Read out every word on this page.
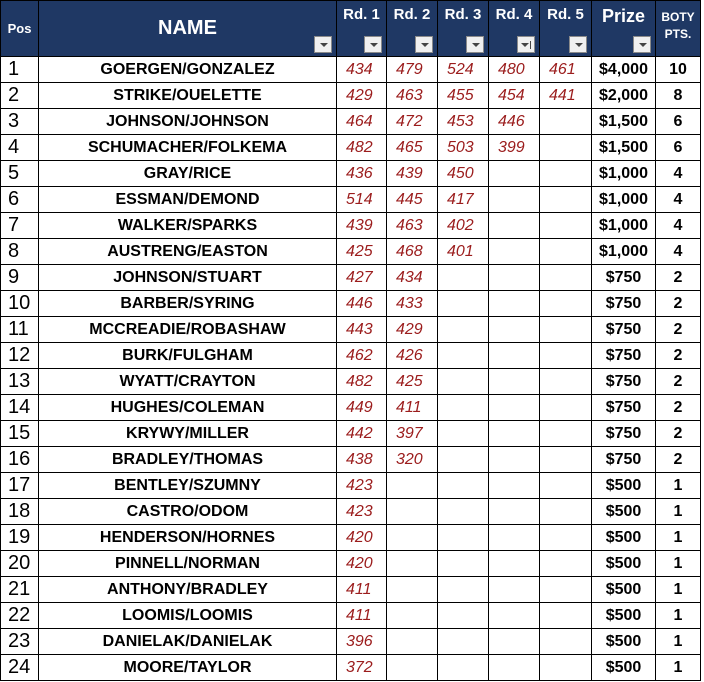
Pos	NAME	Rd. 1	Rd. 2	Rd. 3	Rd. 4	Rd. 5	Prize	BOTY
PTS.

1	GOERGEN/GONZALEZ	434	479	524	480	461	$4,000	10
2	STRIKE/OUELETTE	429	463	455	454	441	$2,000	8
3	JOHNSON/JOHNSON	464	472	453	446		$1,500	6
4	SCHUMACHER/FOLKEMA	482	465	503	399		$1,500	6
5	GRAY/RICE	436	439	450			$1,000	4
6	ESSMAN/DEMOND	514	445	417			$1,000	4
7	WALKER/SPARKS	439	463	402			$1,000	4
8	AUSTRENG/EASTON	425	468	401			$1,000	4
9	JOHNSON/STUART	427	434				$750	2
10	BARBER/SYRING	446	433				$750	2
11	MCCREADIE/ROBASHAW	443	429				$750	2
12	BURK/FULGHAM	462	426				$750	2
13	WYATT/CRAYTON	482	425				$750	2
14	HUGHES/COLEMAN	449	411				$750	2
15	KRYWY/MILLER	442	397				$750	2
16	BRADLEY/THOMAS	438	320				$750	2
17	BENTLEY/SZUMNY	423					$500	1
18	CASTRO/ODOM	423					$500	1
19	HENDERSON/HORNES	420					$500	1
20	PINNELL/NORMAN	420					$500	1
21	ANTHONY/BRADLEY	411					$500	1
22	LOOMIS/LOOMIS	411					$500	1
23	DANIELAK/DANIELAK	396					$500	1
24	MOORE/TAYLOR	372					$500	1
